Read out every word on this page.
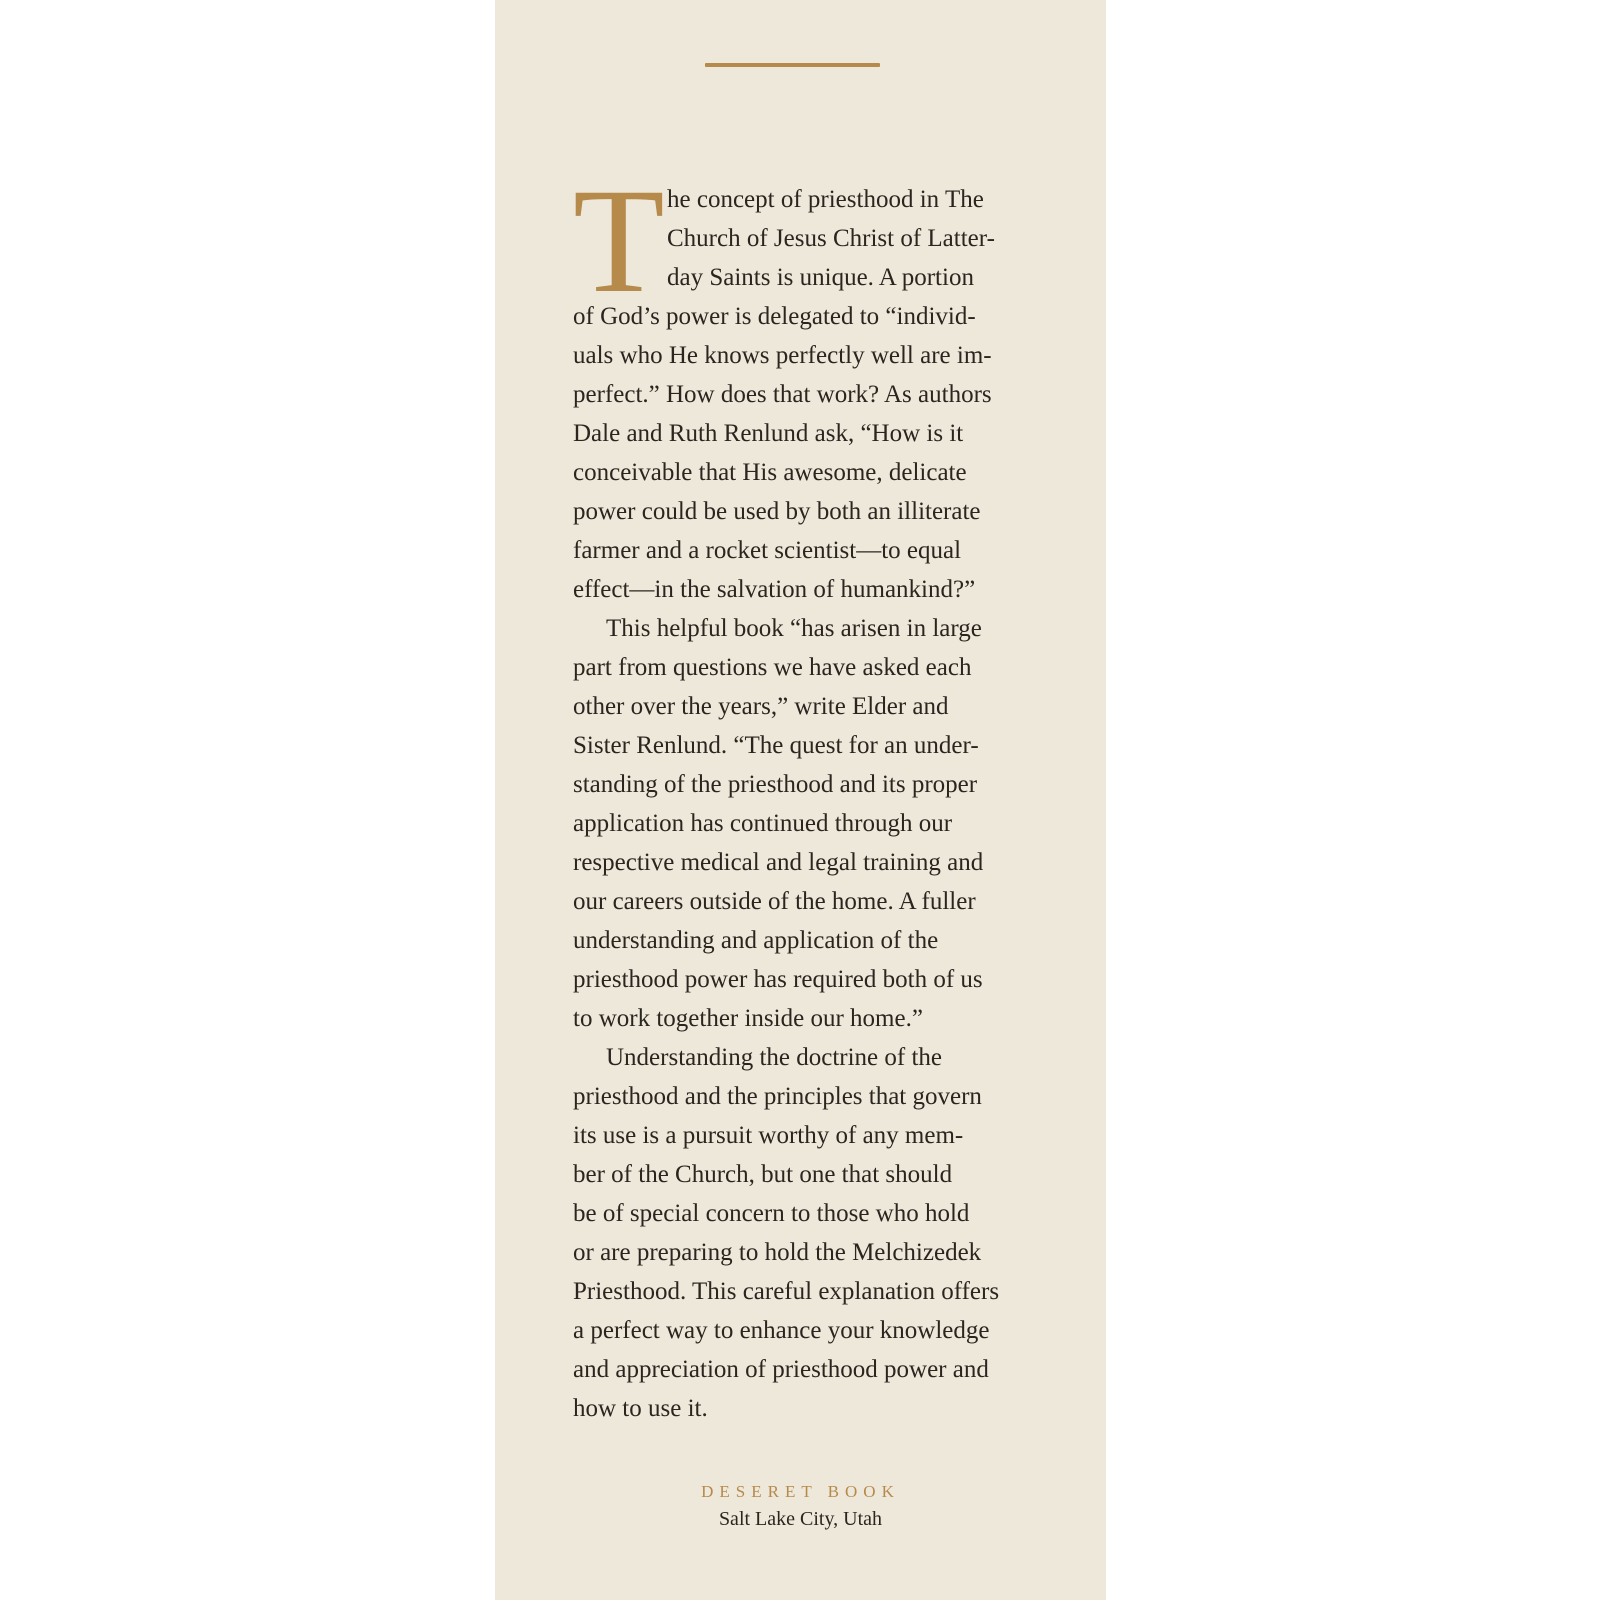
T he concept of priesthood in The
Church of Jesus Christ of Latter-
day Saints is unique. A portion
of God’s power is delegated to “individ-
uals who He knows perfectly well are im-
perfect.” How does that work? As authors
Dale and Ruth Renlund ask, “How is it
conceivable that His awesome, delicate
power could be used by both an illiterate
farmer and a rocket scientist—to equal
effect—in the salvation of humankind?”
This helpful book “has arisen in large
part from questions we have asked each
other over the years,” write Elder and
Sister Renlund. “The quest for an under-
standing of the priesthood and its proper
application has continued through our
respective medical and legal training and
our careers outside of the home. A fuller
understanding and application of the
priesthood power has required both of us
to work together inside our home.”
Understanding the doctrine of the
priesthood and the principles that govern
its use is a pursuit worthy of any mem-
ber of the Church, but one that should
be of special concern to those who hold
or are preparing to hold the Melchizedek
Priesthood. This careful explanation offers
a perfect way to enhance your knowledge
and appreciation of priesthood power and
how to use it.
DESERET BOOK
Salt Lake City, Utah
